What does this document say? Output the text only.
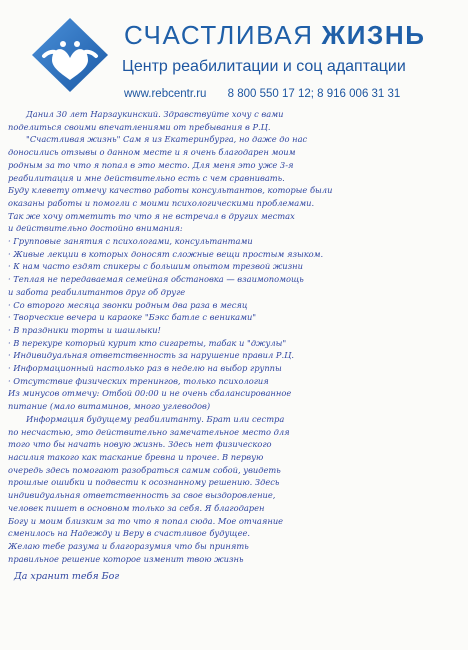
СЧАСТЛИВАЯ ЖИЗНЬ
Центр реабилитации и соц адаптации
www.rebcentr.ru 8 800 550 17 12; 8 916 006 31 31
Данил 30 лет Нарзаукинский. Здравствуйте хочу с вами
поделиться своими впечатлениями от пребывания в Р.Ц.
"Счастливая жизнь" Сам я из Екатеринбурга, но даже до нас
доносились отзывы о данном месте и я очень благодарен моим
родным за то что я попал в это место. Для меня это уже 3-я
реабилитация и мне действительно есть с чем сравнивать.
Буду клевету отмечу качество работы консультантов, которые были
оказаны работы и помогли с моими психологическими проблемами.
Так же хочу отметить то что я не встречал в других местах
и действительно достойно внимания:
· Групповые занятия с психологами, консультантами
· Живые лекции в которых доносят сложные вещи простым языком.
· К нам часто ездят спикеры с большим опытом трезвой жизни
· Теплая не передаваемая семейная обстановка — взаимопомощь
и забота реабилитантов друг об друге
· Со второго месяца звонки родным два раза в месяц
· Творческие вечера и караоке "Бэкс батле с вениками"
· В праздники торты и шашлыки!
· В перекуре который курит кто сигареты, табак и "джулы"
· Индивидуальная ответственность за нарушение правил Р.Ц.
· Информационный настолько раз в неделю на выбор группы
· Отсутствие физических тренингов, только психология
Из минусов отмечу: Отбой 00:00 и не очень сбалансированное
питание (мало витаминов, много углеводов)
Информация будущему реабилитанту. Брат или сестра
по несчастью, это действительно замечательное место для
того что бы начать новую жизнь. Здесь нет физического
насилия такого как таскание бревна и прочее. В первую
очередь здесь помогают разобраться самим собой, увидеть
прошлые ошибки и подвести к осознанному решению. Здесь
индивидуальная ответственность за свое выздоровление,
человек пишет в основном только за себя. Я благодарен
Богу и моим близким за то что я попал сюда. Мое отчаяние
сменилось на Надежду и Веру в счастливое будущее.
Желаю тебе разума и благоразумия что бы принять
правильное решение которое изменит твою жизнь
Да хранит тебя Бог
